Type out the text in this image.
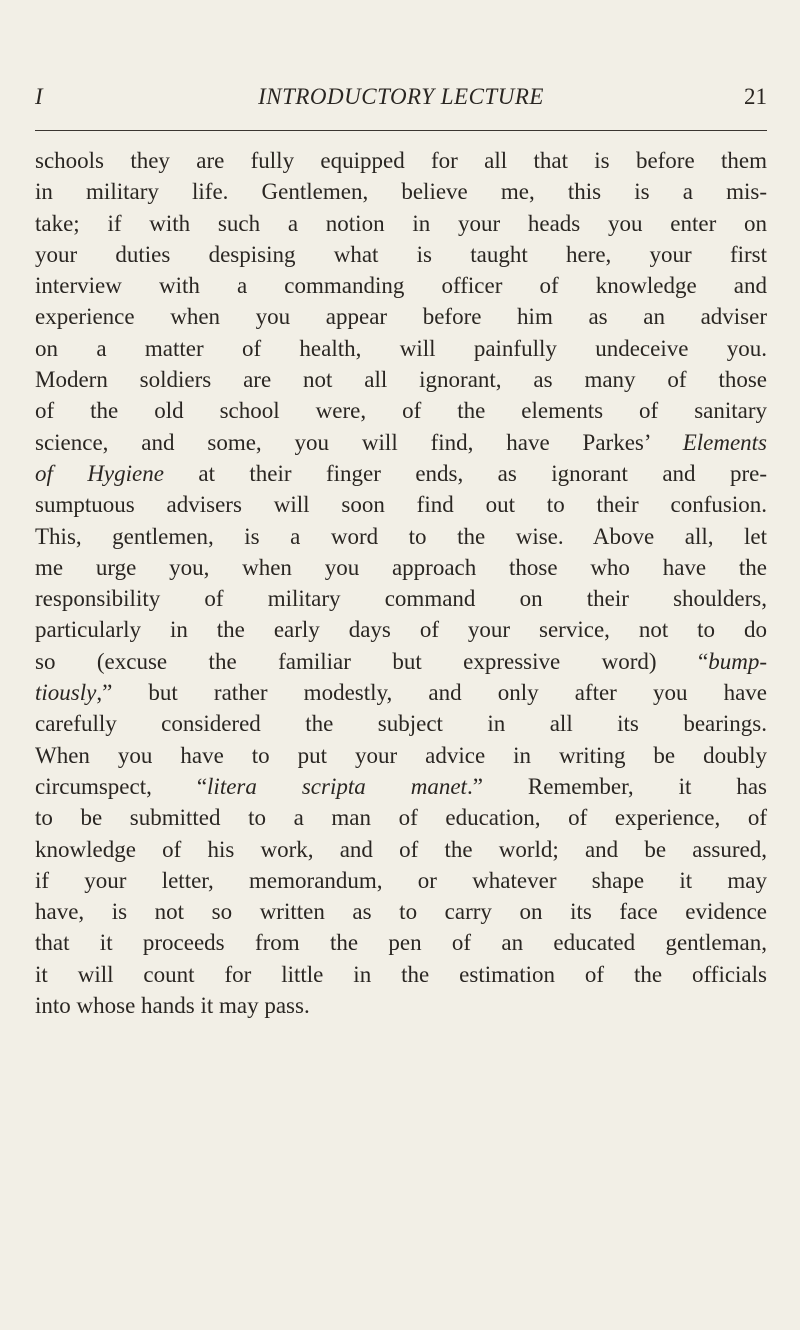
I	INTRODUCTORY LECTURE	21
schools they are fully equipped for all that is before them
in military life. Gentlemen, believe me, this is a mis-
take; if with such a notion in your heads you enter on
your duties despising what is taught here, your first
interview with a commanding officer of knowledge and
experience when you appear before him as an adviser
on a matter of health, will painfully undeceive you.
Modern soldiers are not all ignorant, as many of those
of the old school were, of the elements of sanitary
science, and some, you will find, have Parkes’ Elements
of Hygiene at their finger ends, as ignorant and pre-
sumptuous advisers will soon find out to their confusion.
This, gentlemen, is a word to the wise. Above all, let
me urge you, when you approach those who have the
responsibility of military command on their shoulders,
particularly in the early days of your service, not to do
so (excuse the familiar but expressive word) “bump-
tiously,” but rather modestly, and only after you have
carefully considered the subject in all its bearings.
When you have to put your advice in writing be doubly
circumspect, “litera scripta manet.” Remember, it has
to be submitted to a man of education, of experience, of
knowledge of his work, and of the world; and be assured,
if your letter, memorandum, or whatever shape it may
have, is not so written as to carry on its face evidence
that it proceeds from the pen of an educated gentleman,
it will count for little in the estimation of the officials
into whose hands it may pass.
